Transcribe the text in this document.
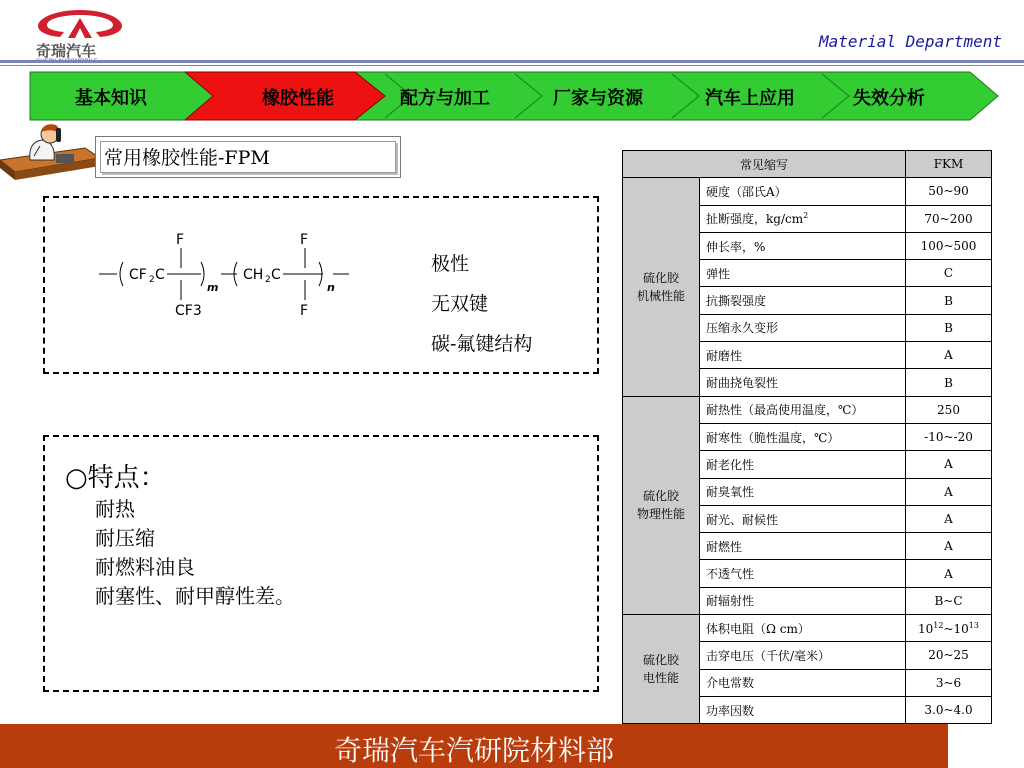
奇瑞汽车	Material Department
基本知识	橡胶性能	配方与加工	厂家与资源	汽车上应用	失效分析
常用橡胶性能-FPM
CF 2 C
F
CF3
m
CH 2 C
F
F
n
极性
无双键
碳-氟键结构
○特点：
耐热
耐压缩
耐燃料油良
耐塞性、耐甲醇性差。
常见缩写		FKM
硫化胶
机械性能	硬度（邵氏A）	50~90
	扯断强度，$kg/cm^2$	70~200
	伸长率，%	100~500
	弹性	C
	抗撕裂强度	B
	压缩永久变形	B
	耐磨性	A
	耐曲挠龟裂性	B
硫化胶
物理性能	耐热性（最高使用温度，℃）	250
	耐寒性（脆性温度，℃）	-10~-20
	耐老化性	A
	耐臭氧性	A
	耐光、耐候性	A
	耐燃性	A
	不透气性	A
	耐辐射性	B~C
硫化胶
电性能	体积电阻（Ω cm）	$10^{12}\sim 10^{13}$
	击穿电压（千伏/毫米）	20~25
	介电常数	3~6
	功率因数	3.0~4.0
奇瑞汽车汽研院材料部
